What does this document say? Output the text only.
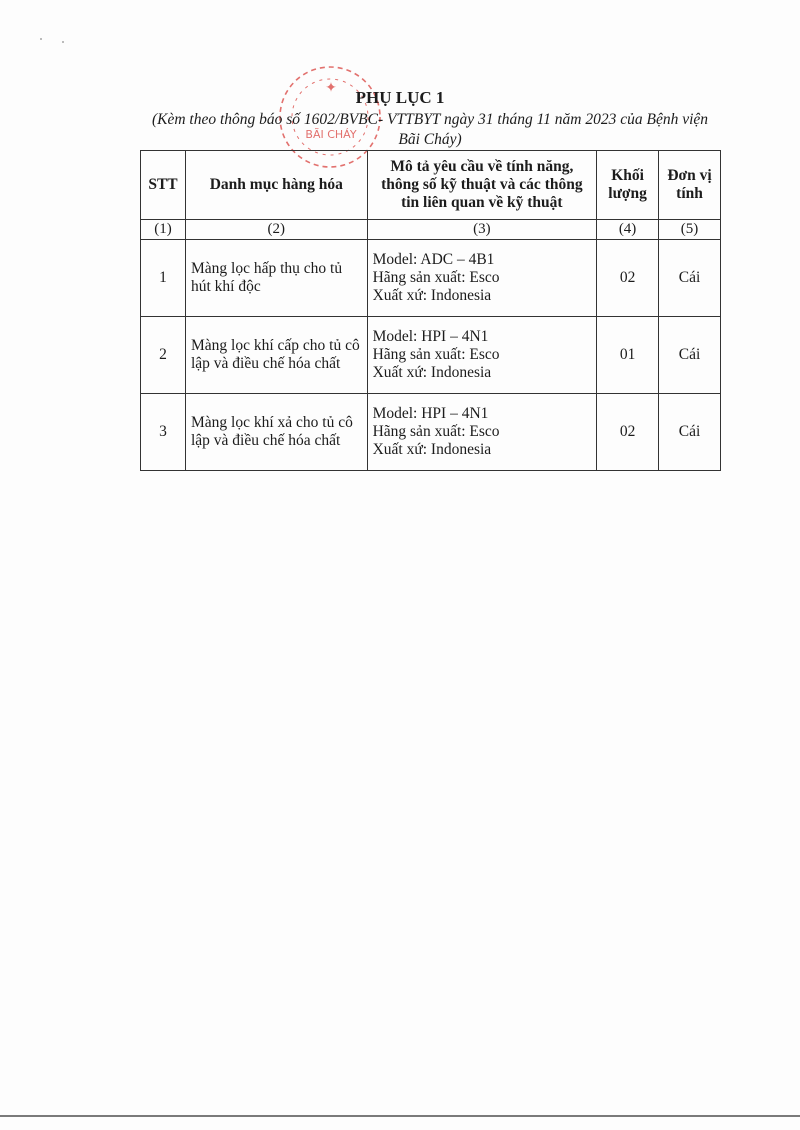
✦
BÃI CHÁY
PHỤ LỤC 1
(Kèm theo thông báo số 1602/BVBC- VTTBYT ngày 31 tháng 11 năm 2023 của Bệnh viện Bãi Cháy)
STT	Danh mục hàng hóa	Mô tả yêu cầu về tính năng, thông số kỹ thuật và các thông tin liên quan về kỹ thuật	Khối lượng	Đơn vị tính
(1)	(2)	(3)	(4)	(5)
1	Màng lọc hấp thụ cho tủ hút khí độc	Model: ADC – 4B1
Hãng sản xuất: Esco
Xuất xứ: Indonesia	02	Cái
2	Màng lọc khí cấp cho tủ cô lập và điều chế hóa chất	Model: HPI – 4N1
Hãng sản xuất: Esco
Xuất xứ: Indonesia	01	Cái
3	Màng lọc khí xả cho tủ cô lập và điều chế hóa chất	Model: HPI – 4N1
Hãng sản xuất: Esco
Xuất xứ: Indonesia	02	Cái
